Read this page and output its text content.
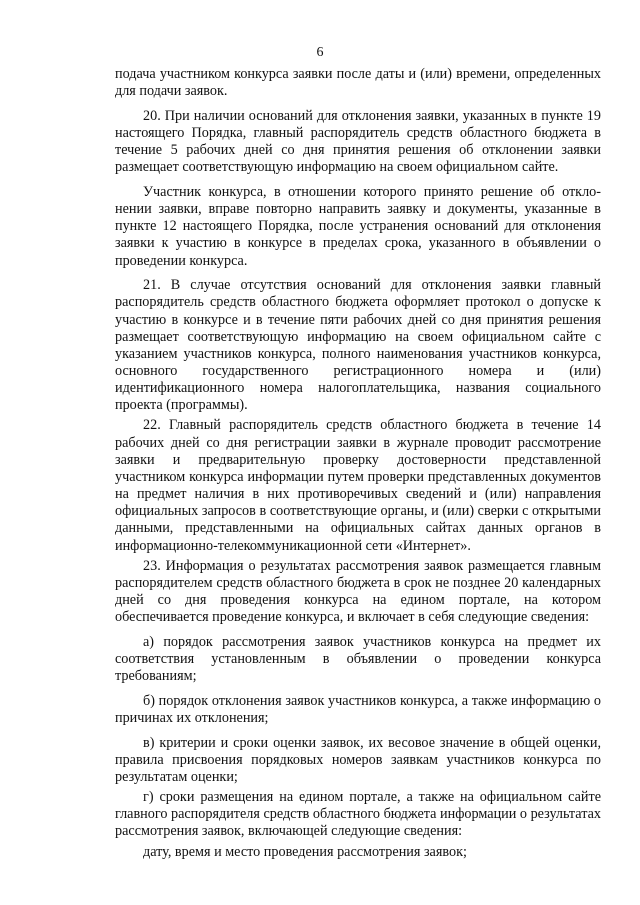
6

подача участником конкурса заявки после даты и (или) времени, определенных для подачи заявок.

20. При наличии оснований для отклонения заявки, указанных в пункте 19 настоящего Порядка, главный распорядитель средств областного бюджета в течение 5 рабочих дней со дня принятия решения об отклонении заявки размещает соответствующую информацию на своем официальном сайте.

Участник конкурса, в отношении которого принято решение об отклонении заявки, вправе повторно направить заявку и документы, указанные в пункте 12 настоящего Порядка, после устранения оснований для отклонения заявки к участию в конкурсе в пределах срока, указанного в объявлении о проведении конкурса.

21. В случае отсутствия оснований для отклонения заявки главный распорядитель средств областного бюджета оформляет протокол о допуске к участию в конкурсе и в течение пяти рабочих дней со дня принятия решения размещает соответствующую информацию на своем официальном сайте с указанием участников конкурса, полного наименования участников конкурса, основного государственного регистрационного номера и (или) идентификационного номера налогоплательщика, названия социального проекта (программы).

22. Главный распорядитель средств областного бюджета в течение 14 рабочих дней со дня регистрации заявки в журнале проводит рассмотрение заявки и предварительную проверку достоверности представленной участником конкурса информации путем проверки представленных документов на предмет наличия в них противоречивых сведений и (или) направления официальных запросов в соответствующие органы, и (или) сверки с открытыми данными, представленными на официальных сайтах данных органов в информационно-телекоммуникационной сети «Интернет».

23. Информация о результатах рассмотрения заявок размещается главным распорядителем средств областного бюджета в срок не позднее 20 календарных дней со дня проведения конкурса на едином портале, на котором обеспечивается проведение конкурса, и включает в себя следующие сведения:

а) порядок рассмотрения заявок участников конкурса на предмет их соответствия установленным в объявлении о проведении конкурса требованиям;

б) порядок отклонения заявок участников конкурса, а также информацию о причинах их отклонения;

в) критерии и сроки оценки заявок, их весовое значение в общей оценки, правила присвоения порядковых номеров заявкам участников конкурса по результатам оценки;

г) сроки размещения на едином портале, а также на официальном сайте главного распорядителя средств областного бюджета информации о результатах рассмотрения заявок, включающей следующие сведения:

дату, время и место проведения рассмотрения заявок;
